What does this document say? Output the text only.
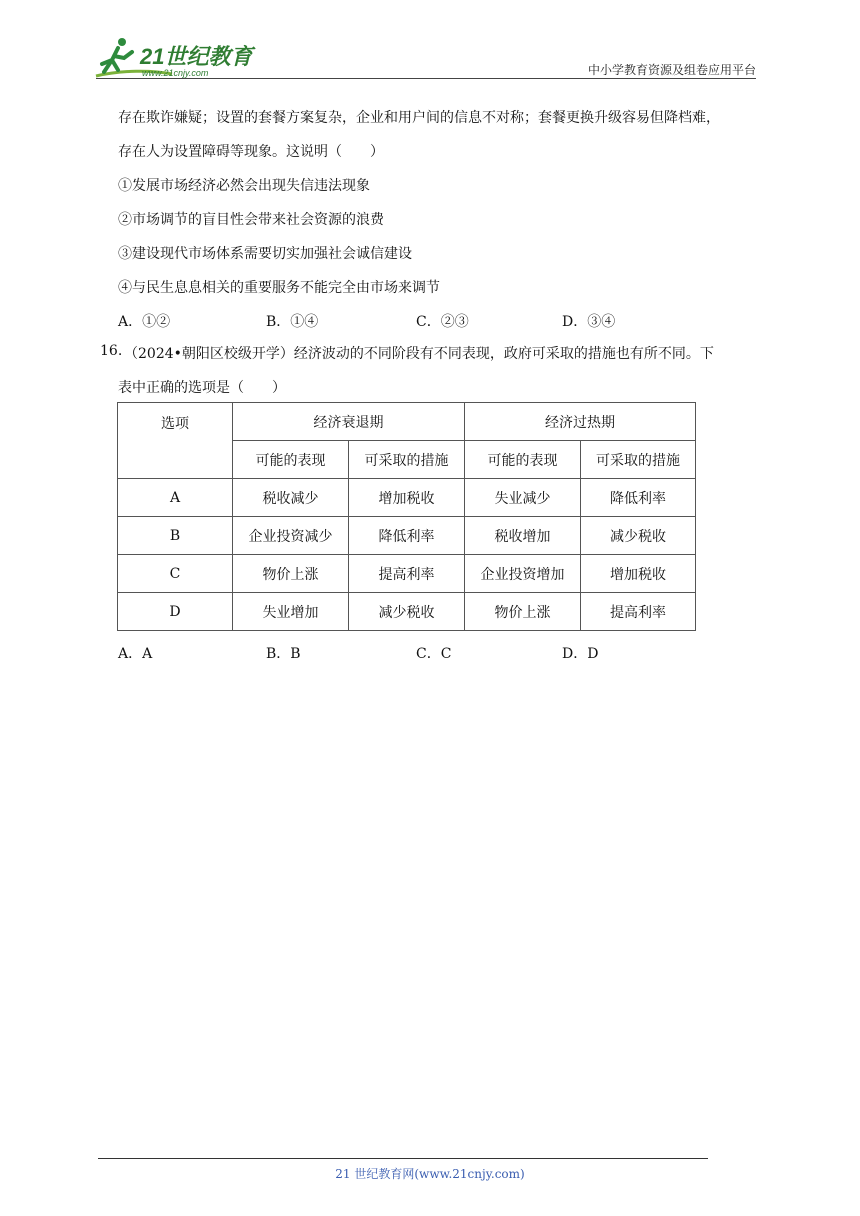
21世纪教育
www.21cnjy.com	中小学教育资源及组卷应用平台
存在欺诈嫌疑；设置的套餐方案复杂，企业和用户间的信息不对称；套餐更换升级容易但降档难，
存在人为设置障碍等现象。这说明（　　）
①发展市场经济必然会出现失信违法现象
②市场调节的盲目性会带来社会资源的浪费
③建设现代市场体系需要切实加强社会诚信建设
④与民生息息相关的重要服务不能完全由市场来调节
A．①②	B．①④	C．②③	D．③④
16. （2024•朝阳区校级开学）经济波动的不同阶段有不同表现，政府可采取的措施也有所不同。下
表中正确的选项是（　　）
选项	经济衰退期		经济过热期	
	可能的表现	可采取的措施	可能的表现	可采取的措施
A	税收减少	增加税收	失业减少	降低利率
B	企业投资减少	降低利率	税收增加	减少税收
C	物价上涨	提高利率	企业投资增加	增加税收
D	失业增加	减少税收	物价上涨	提高利率
A．A	B．B	C．C	D．D
21 世纪教育网(www.21cnjy.com)
